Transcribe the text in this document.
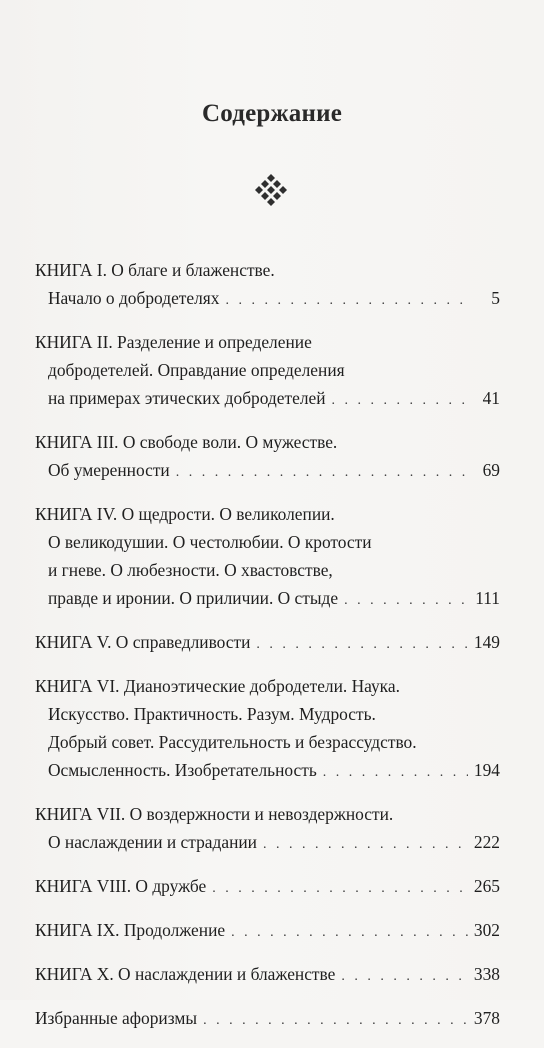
Содержание
КНИГА I. О благе и блаженстве.
Начало о добродетелях . . .	5
КНИГА II. Разделение и определение
добродетелей. Оправдание определения
на примерах этических добродетелей . . .	41
КНИГА III. О свободе воли. О мужестве.
Об умеренности . . .	69
КНИГА IV. О щедрости. О великолепии.
О великодушии. О честолюбии. О кротости
и гневе. О любезности. О хвастовстве,
правде и иронии. О приличии. О стыде . . .	111
КНИГА V. О справедливости . . .	149
КНИГА VI. Дианоэтические добродетели. Наука.
Искусство. Практичность. Разум. Мудрость.
Добрый совет. Рассудительность и безрассудство.
Осмысленность. Изобретательность . . .	194
КНИГА VII. О воздержности и невоздержности.
О наслаждении и страдании . . .	222
КНИГА VIII. О дружбе . . .	265
КНИГА IX. Продолжение . . .	302
КНИГА X. О наслаждении и блаженстве . . .	338
Избранные афоризмы . . .	378
